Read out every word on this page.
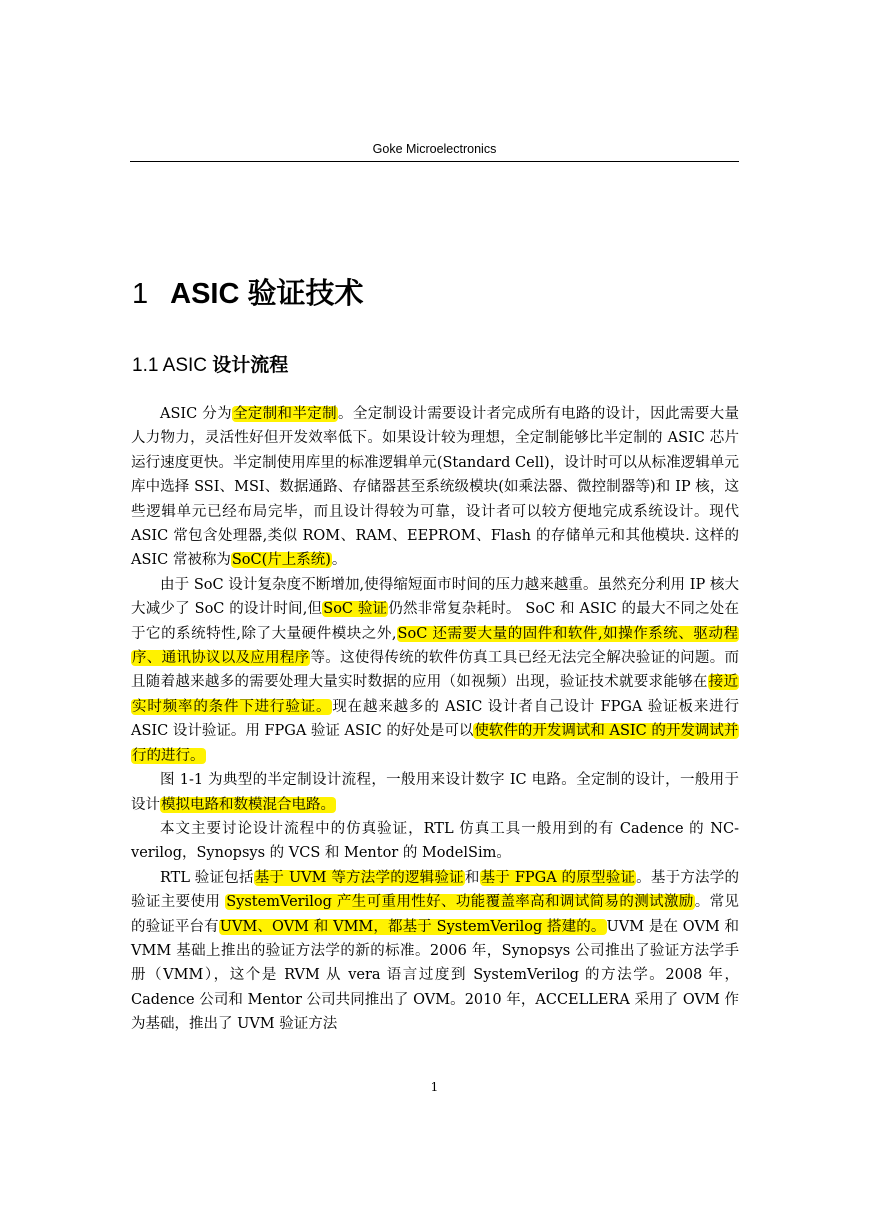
Goke Microelectronics
1 ASIC 验证技术
1.1 ASIC 设计流程

ASIC 分为全定制和半定制。全定制设计需要设计者完成所有电路的设计，因此需要大量人力物力，灵活性好但开发效率低下。如果设计较为理想，全定制能够比半定制的 ASIC 芯片运行速度更快。半定制使用库里的标准逻辑单元(Standard Cell)，设计时可以从标准逻辑单元库中选择 SSI、MSI、数据通路、存储器甚至系统级模块(如乘法器、微控制器等)和 IP 核，这些逻辑单元已经布局完毕，而且设计得较为可靠，设计者可以较方便地完成系统设计。现代 ASIC 常包含处理器,类似 ROM、RAM、EEPROM、Flash 的存储单元和其他模块. 这样的 ASIC 常被称为SoC(片上系统)。

由于 SoC 设计复杂度不断增加,使得缩短面市时间的压力越来越重。虽然充分利用 IP 核大大减少了 SoC 的设计时间,但SoC 验证仍然非常复杂耗时。 SoC 和 ASIC 的最大不同之处在于它的系统特性,除了大量硬件模块之外,SoC 还需要大量的固件和软件,如操作系统、驱动程序、通讯协议以及应用程序等。这使得传统的软件仿真工具已经无法完全解决验证的问题。而且随着越来越多的需要处理大量实时数据的应用（如视频）出现，验证技术就要求能够在接近实时频率的条件下进行验证。现在越来越多的 ASIC 设计者自己设计 FPGA 验证板来进行 ASIC 设计验证。用 FPGA 验证 ASIC 的好处是可以使软件的开发调试和 ASIC 的开发调试并行的进行。

图 1-1 为典型的半定制设计流程，一般用来设计数字 IC 电路。全定制的设计，一般用于设计模拟电路和数模混合电路。

本文主要讨论设计流程中的仿真验证，RTL 仿真工具一般用到的有 Cadence 的 NC-verilog，Synopsys 的 VCS 和 Mentor 的 ModelSim。

RTL 验证包括基于 UVM 等方法学的逻辑验证和基于 FPGA 的原型验证。基于方法学的验证主要使用 SystemVerilog 产生可重用性好、功能覆盖率高和调试简易的测试激励。常见的验证平台有UVM、OVM 和 VMM，都基于 SystemVerilog 搭建的。UVM 是在 OVM 和 VMM 基础上推出的验证方法学的新的标准。2006 年，Synopsys 公司推出了验证方法学手册（VMM），这个是 RVM 从 vera 语言过度到 SystemVerilog 的方法学。2008 年，Cadence 公司和 Mentor 公司共同推出了 OVM。2010 年，ACCELLERA 采用了 OVM 作为基础，推出了 UVM 验证方法

1
